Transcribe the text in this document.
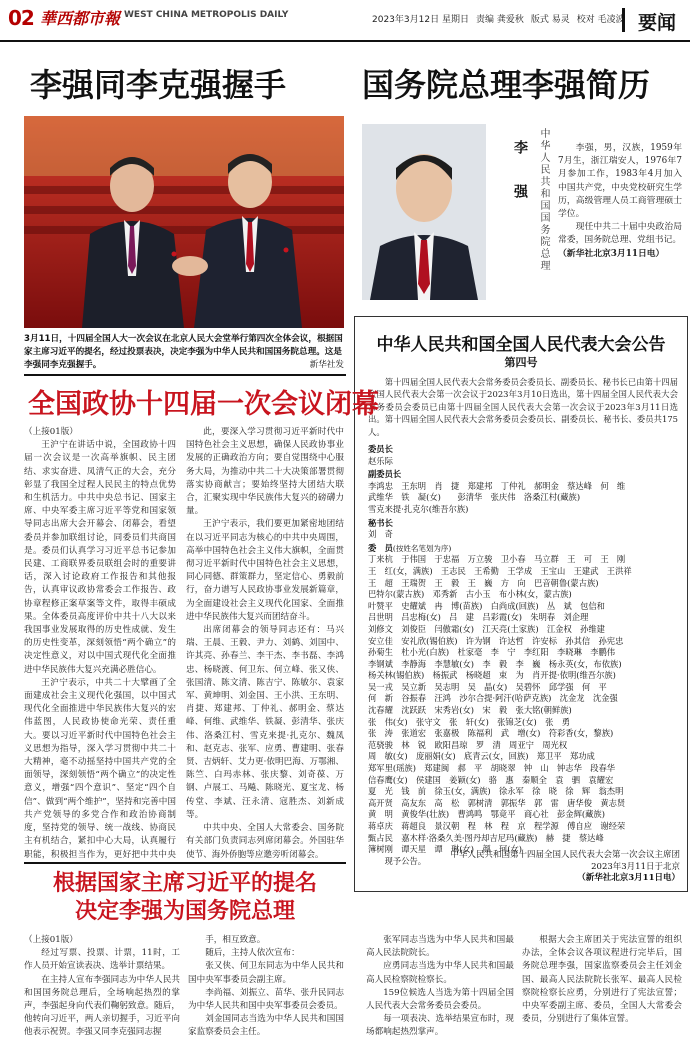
02 華西都市報 WEST CHINA METROPOLIS DAILY	2023年3月12日 星期日 责编 龚爱秋 版式 易灵 校对 毛凌波 要闻
李强同李克强握手
3月11日，十四届全国人大一次会议在北京人民大会堂举行第四次全体会议，根据国家主席习近平的提名，经过投票表决，决定李强为中华人民共和国国务院总理。这是李强同李克强握手。	新华社发
国务院总理李强简历
李　强 中华人民共和国国务院总理	李强，男，汉族，1959年7月生，浙江瑞安人，1976年7月参加工作，1983年4月加入中国共产党，中央党校研究生学历，高级管理人员工商管理硕士学位。

现任中共二十届中央政治局常委，国务院总理、党组书记。

（新华社北京3月11日电）
中华人民共和国全国人民代表大会公告
第四号

第十四届全国人民代表大会常务委员会委员长、副委员长、秘书长已由第十四届全国人民代表大会第一次会议于2023年3月10日选出，第十四届全国人民代表大会常务委员会委员已由第十四届全国人民代表大会第一次会议于2023年3月11日选出。第十四届全国人民代表大会常务委员会委员长、副委员长、秘书长、委员共175人。

委员长
赵乐际
副委员长
李鸿忠　王东明　肖　捷　郑建邦　丁仲礼　郝明金　蔡达峰　何　维
武维华　铁　凝(女)　　彭清华　张庆伟　洛桑江村(藏族)
雪克来提·扎克尔(维吾尔族)
秘书长
刘　奇
委　员(按姓名笔划为序)
丁来杭　于伟国　于忠福　万立骏　卫小春　马立群　王　可　王　刚
王　红(女，满族)　王志民　王希勤　王学成　王宝山　王建武　王洪祥
王　超　王瑞贺　王　毅　王　巍　方　向　巴音朝鲁(蒙古族)
巴特尔(蒙古族)　邓秀新　古小玉　布小林(女，蒙古族)
叶赞平　史耀斌　冉　博(苗族)　白尚成(回族)　丛　斌　包信和
吕世明　吕忠梅(女)　吕　建　吕彩霞(女)　朱明春　刘企理
刘修文　刘俊臣　闫傲霜(女)　江天亮(土家族)　江金权　孙维建
安立佳　安礼欣(锡伯族)　许为钢　许达哲　许安标　孙其信　孙宪忠
孙菊生　杜小光(白族)　杜家毫　李　宁　李红阳　李晓琳　李鹏伟
李钢斌　李静海　李慧敏(女)　李　毅　李　巍　杨永英(女，布依族)
杨关林(锡伯族)　杨振武　杨晓超　束　为　肖开提·依明(维吾尔族)
吴一戎　吴立新　吴志明　吴　晶(女)　吴碧怀　邱学强　何　平
何　新　谷振春　汪鸿　沙尔合提·阿汗(哈萨克族)　沈金龙　沈金强
沈春耀　沈跃跃　宋秀岩(女)　宋　毅　张大铭(朝鲜族)
张　伟(女)　张守文　张　轩(女)　张锦芝(女)　张　勇
张　涛　张道宏　张嘉极　陈福利　武　增(女)　符彩香(女，黎族)
范骁骏　林　锐　欧阳昌琼　罗　清　周亚宁　周光权
周　敏(女)　庞丽娟(女)　底青云(女，回族)　郑卫平　郑功成
郑军里(瑶族)　郑建闽　郝　平　胡晓翠　钟　山　钟志华　段春华
信春鹰(女)　侯建国　姜颖(女)　骆　惠　秦顺全　袁　驷　袁耀宏
夏　光　钱　前　徐玉(女，满族)　徐永军　徐　晓　徐　辉　翁杰明
高开贤　高友东　高　松　郭树清　郭振华　郭　雷　唐华俊　黄志贤
黄　明　黄俊华(壮族)　曹鸿鸣　鄂竟平　商心社　彭金辉(藏族)
蒋卓庆　蒋超良　景汉朝　程　林　程　京　程学源　傅自应　谢经荣
甄占民　嘉木样·洛桑久美·图丹却吉尼玛(藏族)　赫　捷　蔡达峰
簿树刚　谭天星　谭　琳(女)　颜　珂(女)
现予公告。
中华人民共和国第十四届全国人民代表大会第一次会议主席团
2023年3月11日于北京
（新华社北京3月11日电）
全国政协十四届一次会议闭幕

（上接01版）

王沪宁在讲话中说，全国政协十四届一次会议是一次高举旗帜、民主团结、求实奋进、凤清气正的大会，充分彰显了我国全过程人民民主的特点优势和生机活力。中共中央总书记、国家主席、中央军委主席习近平等党和国家领导同志出席大会开幕会、闭幕会，看望委员并参加联组讨论，同委员们共商国是。委员们认真学习习近平总书记参加民建、工商联界委员联组会时的重要讲话，深入讨论政府工作报告和其他报告，认真审议政协常委会工作报告、政协章程修正案草案等文件，取得丰硕成果。全体委员高度评价中共十八大以来我国事业发展取得的历史性成就、发生的历史性变革，深刻领悟“两个确立”的决定性意义，对以中国式现代化全面推进中华民族伟大复兴充满必胜信心。

王沪宁表示，中共二十大擘画了全面建成社会主义现代化强国，以中国式现代化全面推进中华民族伟大复兴的宏伟蓝图，人民政协使命光荣、责任重大。要以习近平新时代中国特色社会主义思想为指导，深入学习贯彻中共二十大精神，毫不动摇坚持中国共产党的全面领导，深刻领悟“两个确立”的决定性意义，增强“四个意识”、坚定“四个自信”、做到“两个维护”，坚持和完善中国共产党领导的多党合作和政治协商制度，坚持党的领导、统一战线、协商民主有机结合，紧扣中心大局，认真履行职能，积极担当作为，更好把中共中央

此，要深入学习贯彻习近平新时代中国特色社会主义思想，确保人民政协事业发展的正确政治方向；要自觉围绕中心服务大局，为推动中共二十大决策部署贯彻落实协商献言；要始终坚持大团结大联合，汇聚实现中华民族伟大复兴的磅礴力量。

王沪宁表示，我们要更加紧密地团结在以习近平同志为核心的中共中央周围，高举中国特色社会主义伟大旗帜，全面贯彻习近平新时代中国特色社会主义思想，同心同德、群策群力，坚定信心、勇毅前行，奋力谱写人民政协事业发展新篇章，为全面建设社会主义现代化国家、全面推进中华民族伟大复兴而团结奋斗。

出席闭幕会的领导同志还有：马兴瑞、王晨、王毅、尹力、刘鹤、刘国中、许其亮、孙春兰、李干杰、李书磊、李鸿忠、杨晓渡、何卫东、何立峰、张又侠、张国清、陈文清、陈吉宁、陈敏尔、袁家军、黄坤明、刘金国、王小洪、王东明、肖捷、郑建邦、丁仲礼、郝明金、蔡达峰、何维、武维华、铁凝、彭清华、张庆伟、洛桑江村、雪克来提·扎克尔、魏凤和、赵克志、张军、应勇、曹建明、张春贤、吉炳轩、艾力更·依明巴海、万鄂湘、陈竺、白玛赤林、张庆黎、刘奇葆、万钢、卢展工、马飚、陈晓光、夏宝龙、杨传堂、李斌、汪永清、寇胜杰、刘新成等。

中共中央、全国人大常委会、国务院有关部门负责同志列席闭幕会。外国驻华使节、海外侨胞等应邀旁听闭幕会。

根据国家主席习近平的提名
决定李强为国务院总理

（上接01版）

经过写票、投票、计票，11时，工作人员开始宣读表决、选举计票结果。

在主持人宣布李强同志为中华人民共和国国务院总理后，全场响起热烈的掌声，李强起身向代表们鞠躬致意。随后，他转向习近平，两人亲切握手，习近平向他表示祝贺。李强又同李克强同志握

手，相互致意。

随后，主持人依次宣布：

张又侠、何卫东同志为中华人民共和国中央军事委员会副主席。

李尚福、刘振立、苗华、张升民同志为中华人民共和国中央军事委员会委员。

刘金国同志当选为中华人民共和国国家监察委员会主任。

张军同志当选为中华人民共和国最高人民法院院长。

应勇同志当选为中华人民共和国最高人民检察院检察长。

159位候选人当选为第十四届全国人民代表大会常务委员会委员。

每一项表决、选举结果宣布时，现场都响起热烈掌声。

根据大会主席团关于宪法宣誓的组织办法，全体会议各项议程进行完毕后，国务院总理李强，国家监察委员会主任刘金国、最高人民法院院长张军、最高人民检察院检察长应勇，分别进行了宪法宣誓；中央军委副主席、委员，全国人大常委会委员，分别进行了集体宣誓。
